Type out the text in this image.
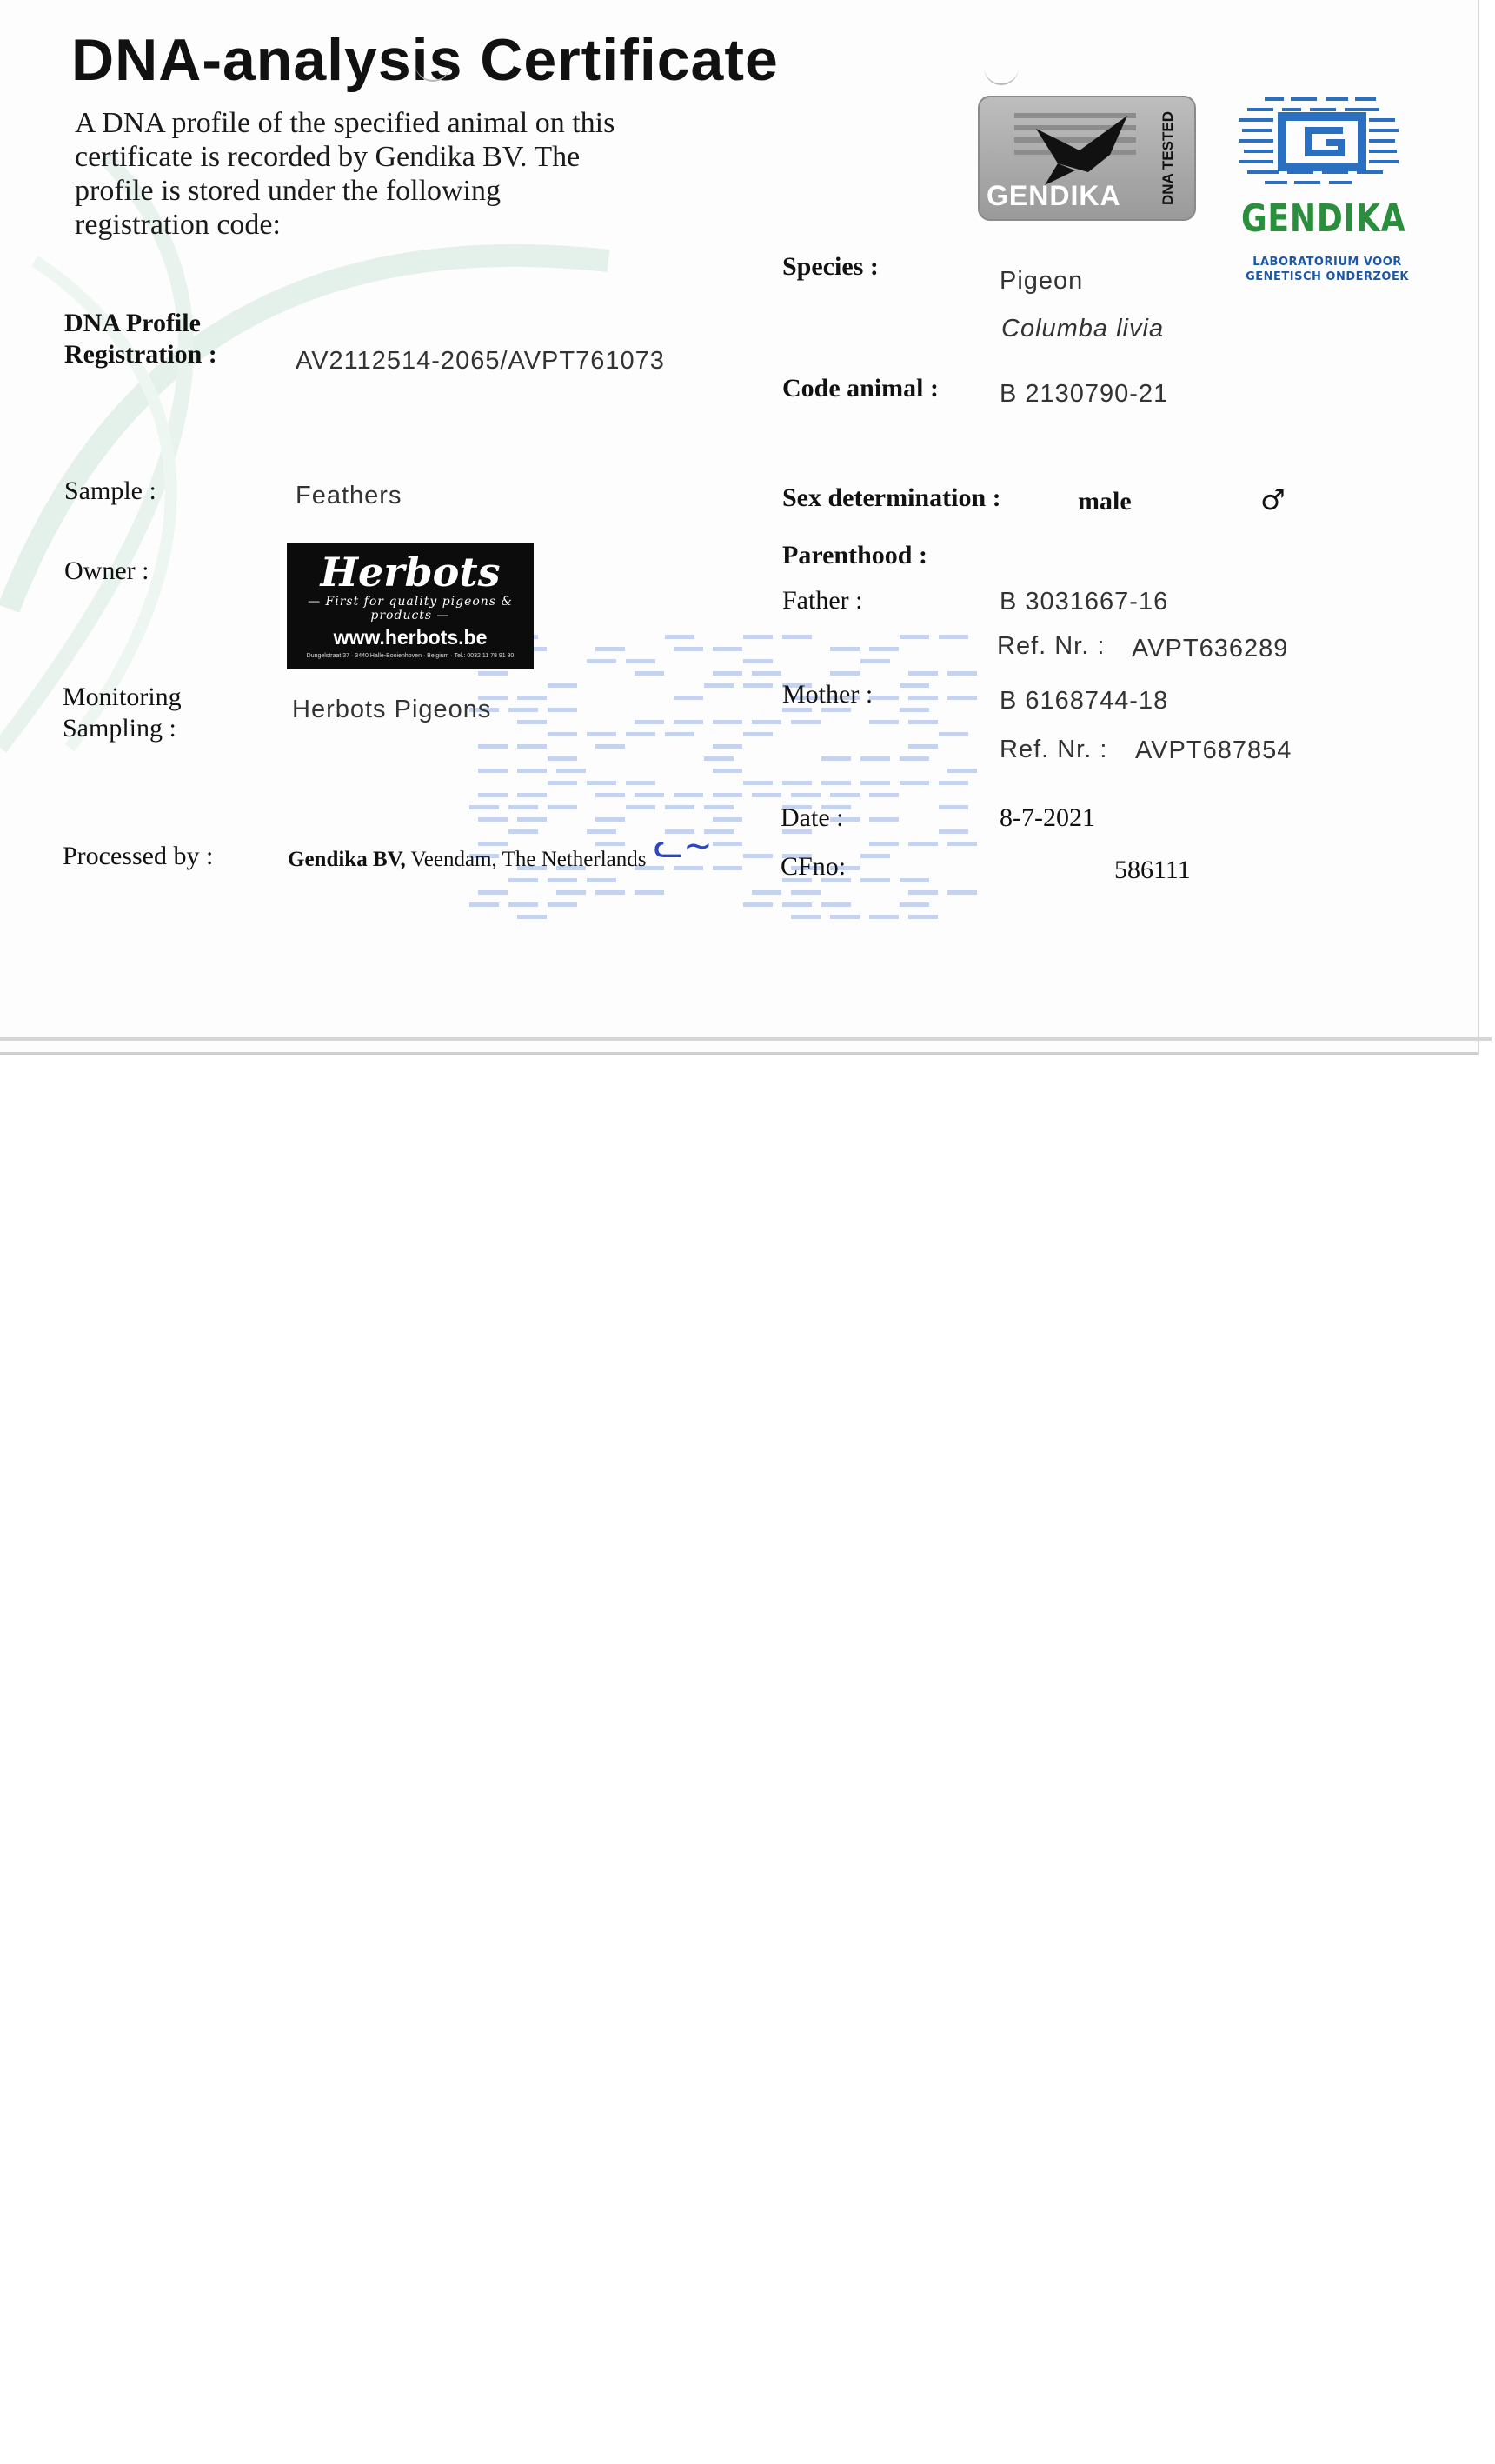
DNA-analysis Certificate
A DNA profile of the specified animal on this certificate is recorded by Gendika BV. The profile is stored under the following registration code:
GENDIKA	DNA TESTED
GENDIKA
LABORATORIUM VOOR GENETISCH ONDERZOEK
DNA Profile
Registration :	AV2112514-2065/AVPT761073
Sample :	Feathers
Owner :	Herbots
— First for quality pigeons & products —
www.herbots.be
Dungelstraat 37 · 3440 Halle-Booienhoven · Belgium · Tel.: 0032 11 78 91 80
Monitoring
Sampling :
Herbots Pigeons
Processed by :	Gendika BV, Veendam, The Netherlands ᓚ~
Species :	Pigeon
Columba livia
Code animal : B 2130790-21
Sex determination :	male	♂
Parenthood :
Father :	B 3031667-16
Ref. Nr. : AVPT636289
Mother :	B 6168744-18
Ref. Nr. : AVPT687854
Date :	8-7-2021
CFno:	586111
